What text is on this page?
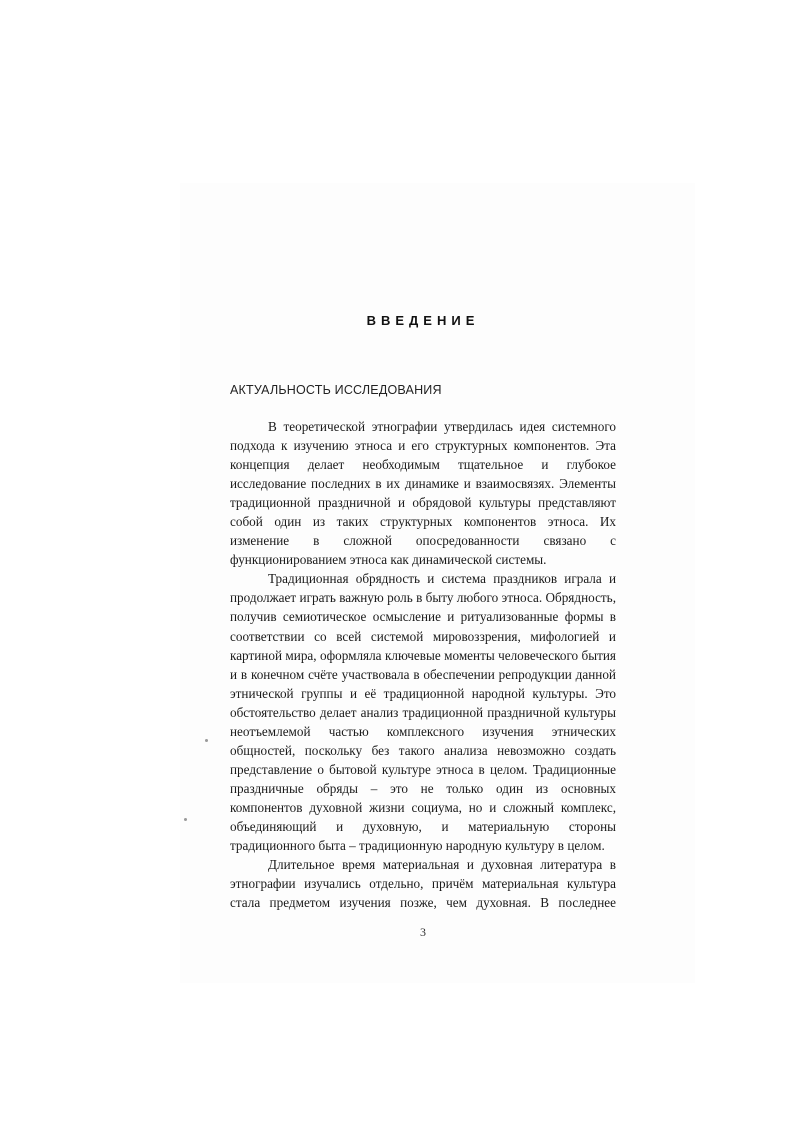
ВВЕДЕНИЕ
АКТУАЛЬНОСТЬ ИССЛЕДОВАНИЯ

В теоретической этнографии утвердилась идея системного подхода к изучению этноса и его структурных компонентов. Эта концепция делает необходимым тщательное и глубокое исследование последних в их динамике и взаимосвязях. Элементы традиционной праздничной и обрядовой культуры представляют собой один из таких структурных компонентов этноса. Их изменение в сложной опосредованности связано с функционированием этноса как динамической системы.

Традиционная обрядность и система праздников играла и продолжает играть важную роль в быту любого этноса. Обрядность, получив семиотическое осмысление и ритуализованные формы в соответствии со всей системой мировоззрения, мифологией и картиной мира, оформляла ключевые моменты человеческого бытия и в конечном счёте участвовала в обеспечении репродукции данной этнической группы и её традиционной народной культуры. Это обстоятельство делает анализ традиционной праздничной культуры неотъемлемой частью комплексного изучения этнических общностей, поскольку без такого анализа невозможно создать представление о бытовой культуре этноса в целом. Традиционные праздничные обряды – это не только один из основных компонентов духовной жизни социума, но и сложный комплекс, объединяющий и духовную, и материальную стороны традиционного быта – традиционную народную культуру в целом.

Длительное время материальная и духовная литература в этнографии изучались отдельно, причём материальная культура стала предметом изучения позже, чем духовная. В последнее

3
